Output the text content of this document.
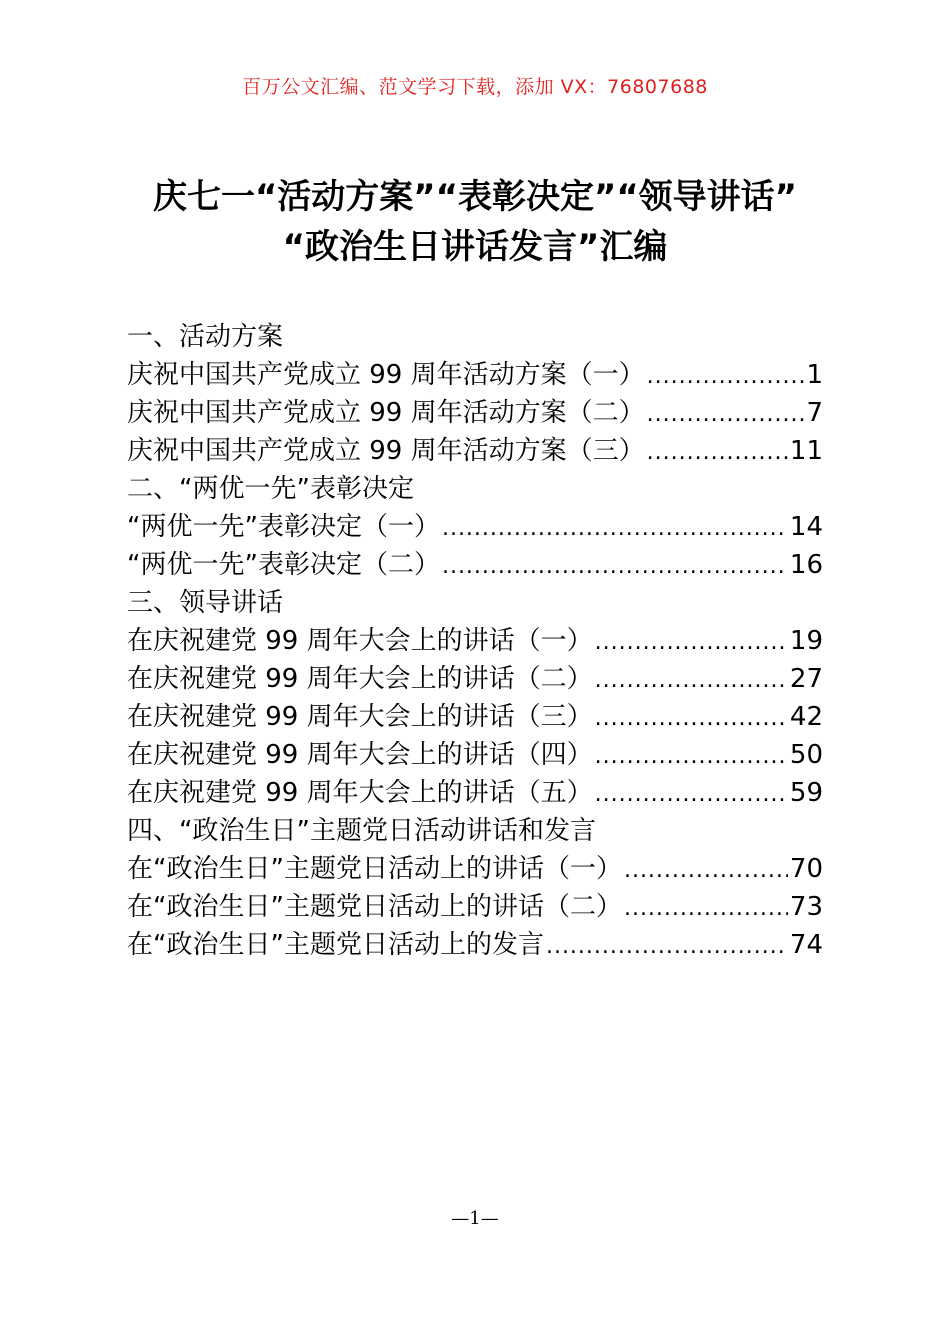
百万公文汇编、范文学习下载，添加 VX：76807688
庆七一“活动方案”“表彰决定”“领导讲话”
“政治生日讲话发言”汇编
一、活动方案
庆祝中国共产党成立 99 周年活动方案（一） .....	1
庆祝中国共产党成立 99 周年活动方案（二） .....	7
庆祝中国共产党成立 99 周年活动方案（三） .....	11
二、“两优一先”表彰决定
“两优一先”表彰决定（一） .....	14
“两优一先”表彰决定（二） .....	16
三、领导讲话
在庆祝建党 99 周年大会上的讲话（一） .....	19
在庆祝建党 99 周年大会上的讲话（二） .....	27
在庆祝建党 99 周年大会上的讲话（三） .....	42
在庆祝建党 99 周年大会上的讲话（四） .....	50
在庆祝建党 99 周年大会上的讲话（五） .....	59
四、“政治生日”主题党日活动讲话和发言
在“政治生日”主题党日活动上的讲话（一） .....	70
在“政治生日”主题党日活动上的讲话（二） .....	73
在“政治生日”主题党日活动上的发言 .....	74
—1—
